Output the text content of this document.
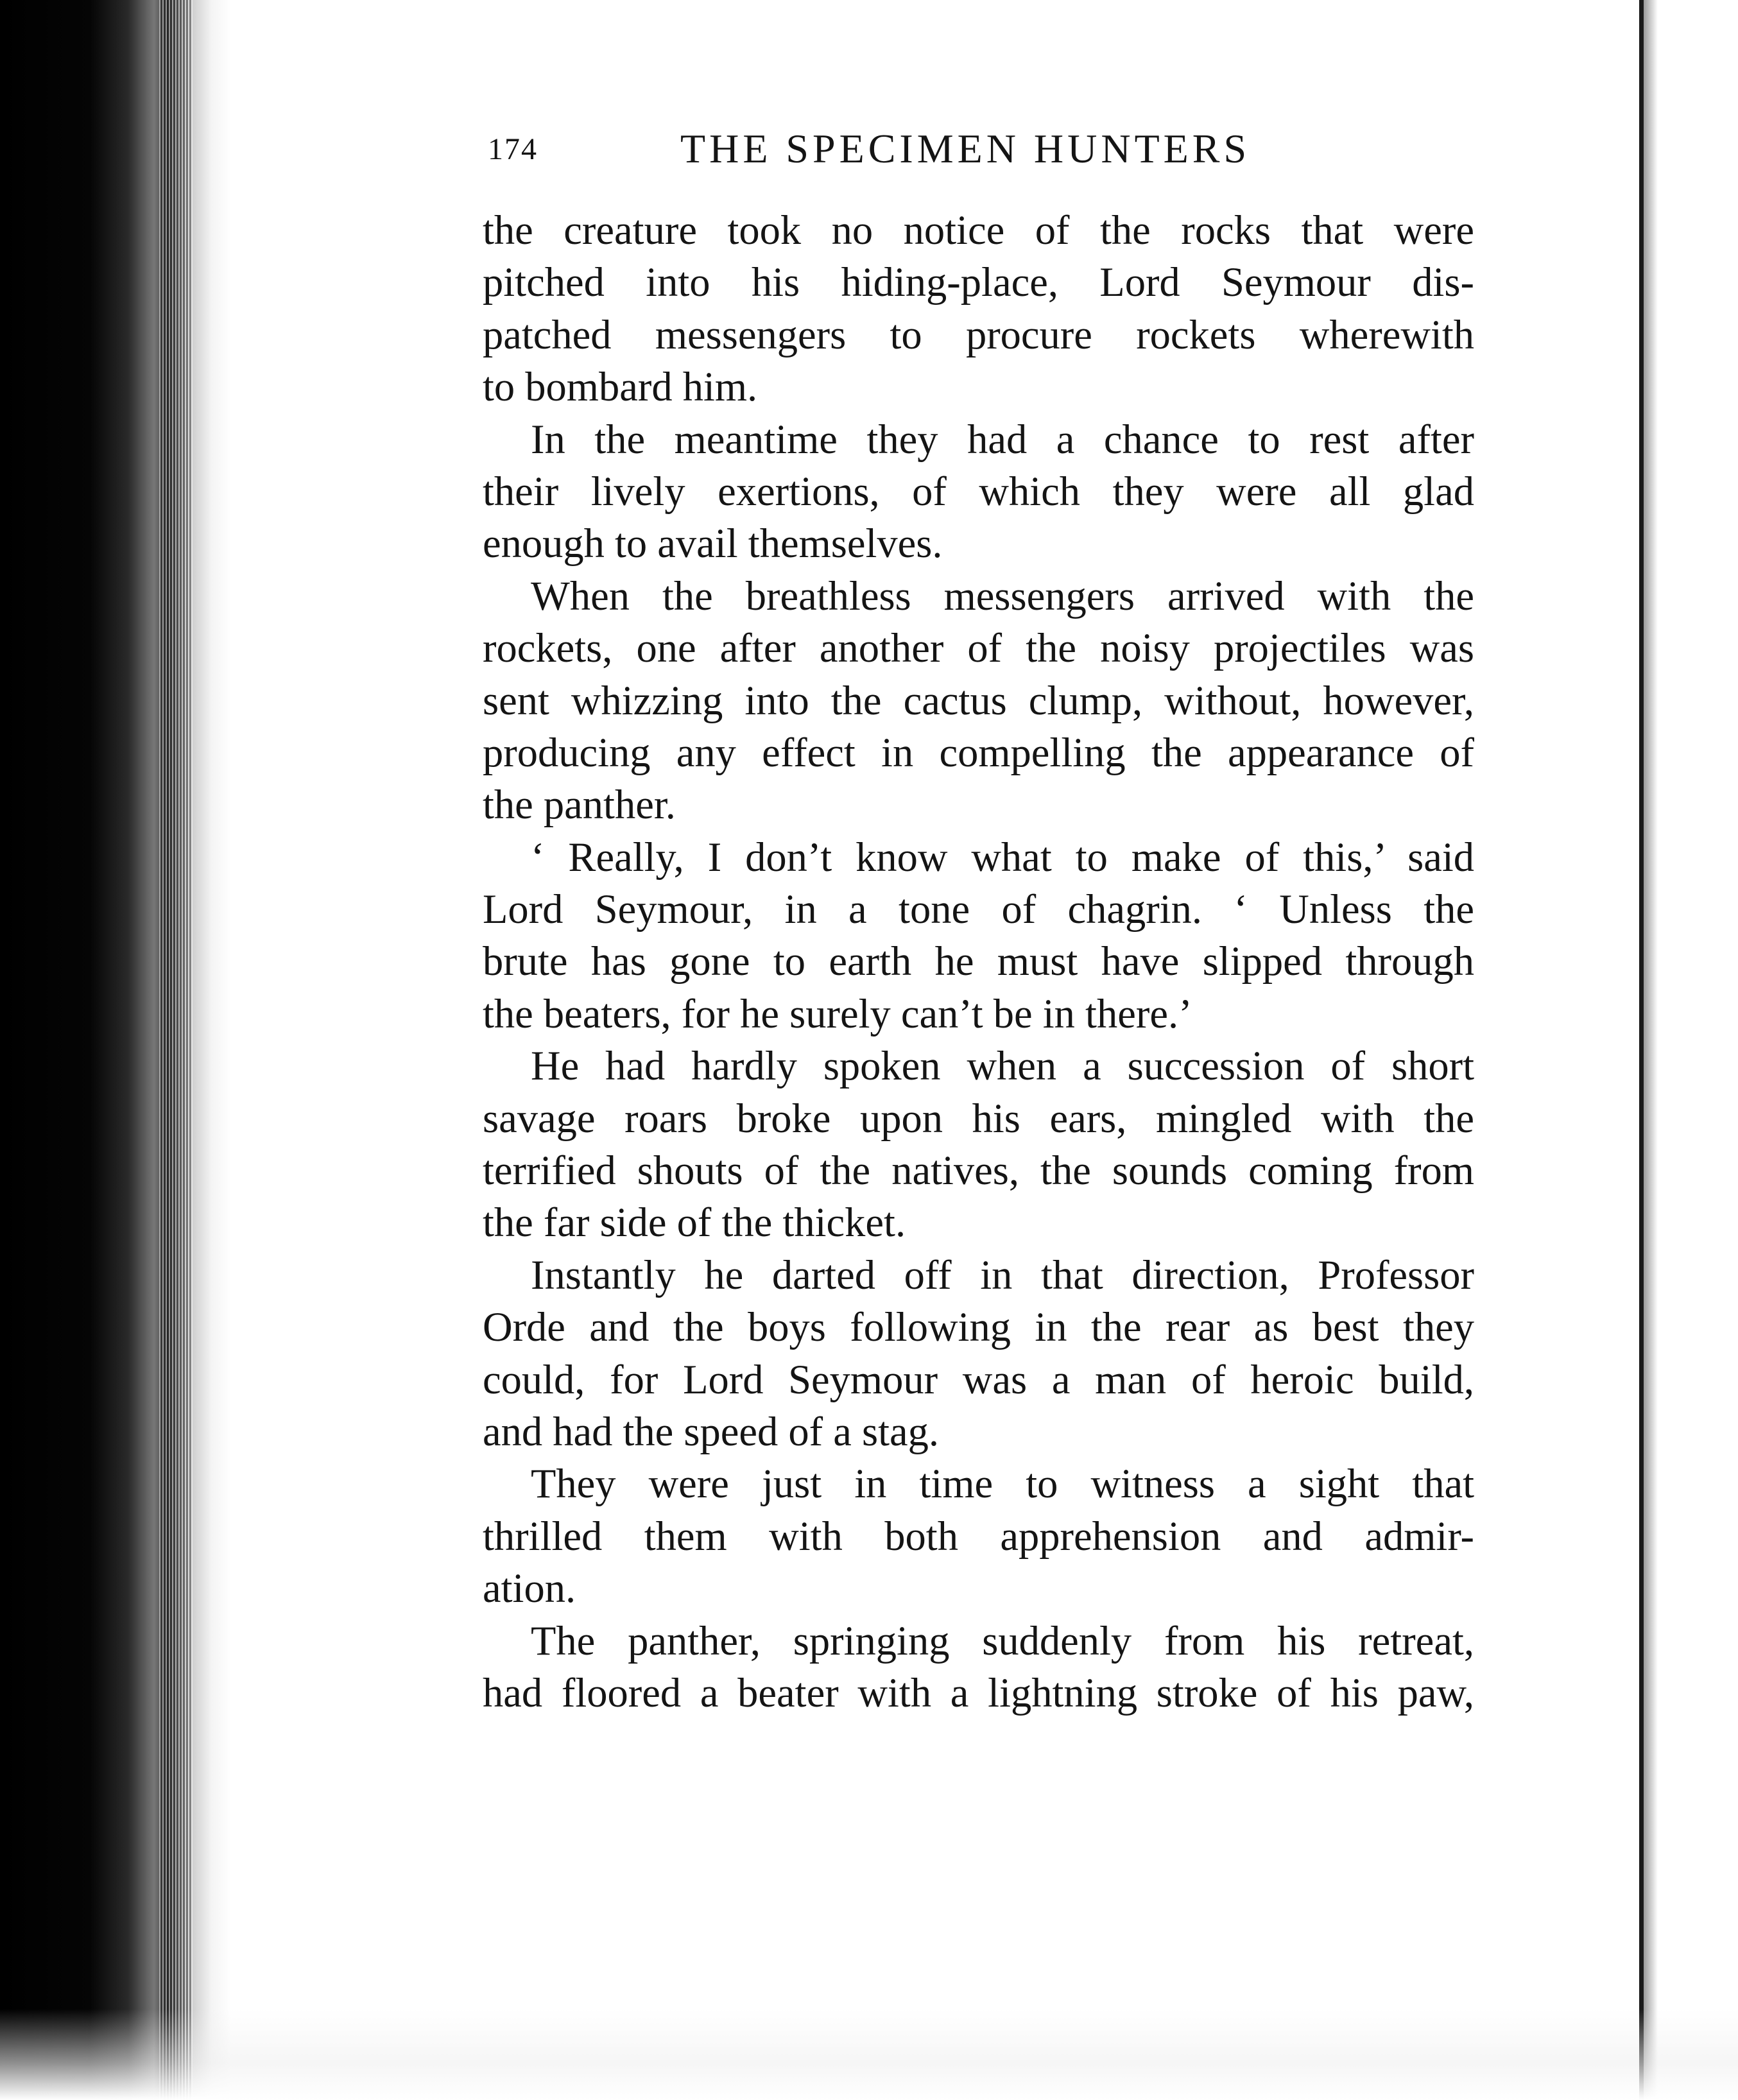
174	THE SPECIMEN HUNTERS
the creature took no notice of the rocks that were
pitched into his hiding-place, Lord Seymour dis-
patched messengers to procure rockets wherewith
to bombard him.
In the meantime they had a chance to rest after
their lively exertions, of which they were all glad
enough to avail themselves.
When the breathless messengers arrived with the
rockets, one after another of the noisy projectiles was
sent whizzing into the cactus clump, without, however,
producing any effect in compelling the appearance of
the panther.
‘ Really, I don’t know what to make of this,’ said
Lord Seymour, in a tone of chagrin. ‘ Unless the
brute has gone to earth he must have slipped through
the beaters, for he surely can’t be in there.’
He had hardly spoken when a succession of short
savage roars broke upon his ears, mingled with the
terrified shouts of the natives, the sounds coming from
the far side of the thicket.
Instantly he darted off in that direction, Professor
Orde and the boys following in the rear as best they
could, for Lord Seymour was a man of heroic build,
and had the speed of a stag.
They were just in time to witness a sight that
thrilled them with both apprehension and admir-
ation.
The panther, springing suddenly from his retreat,
had floored a beater with a lightning stroke of his paw,
